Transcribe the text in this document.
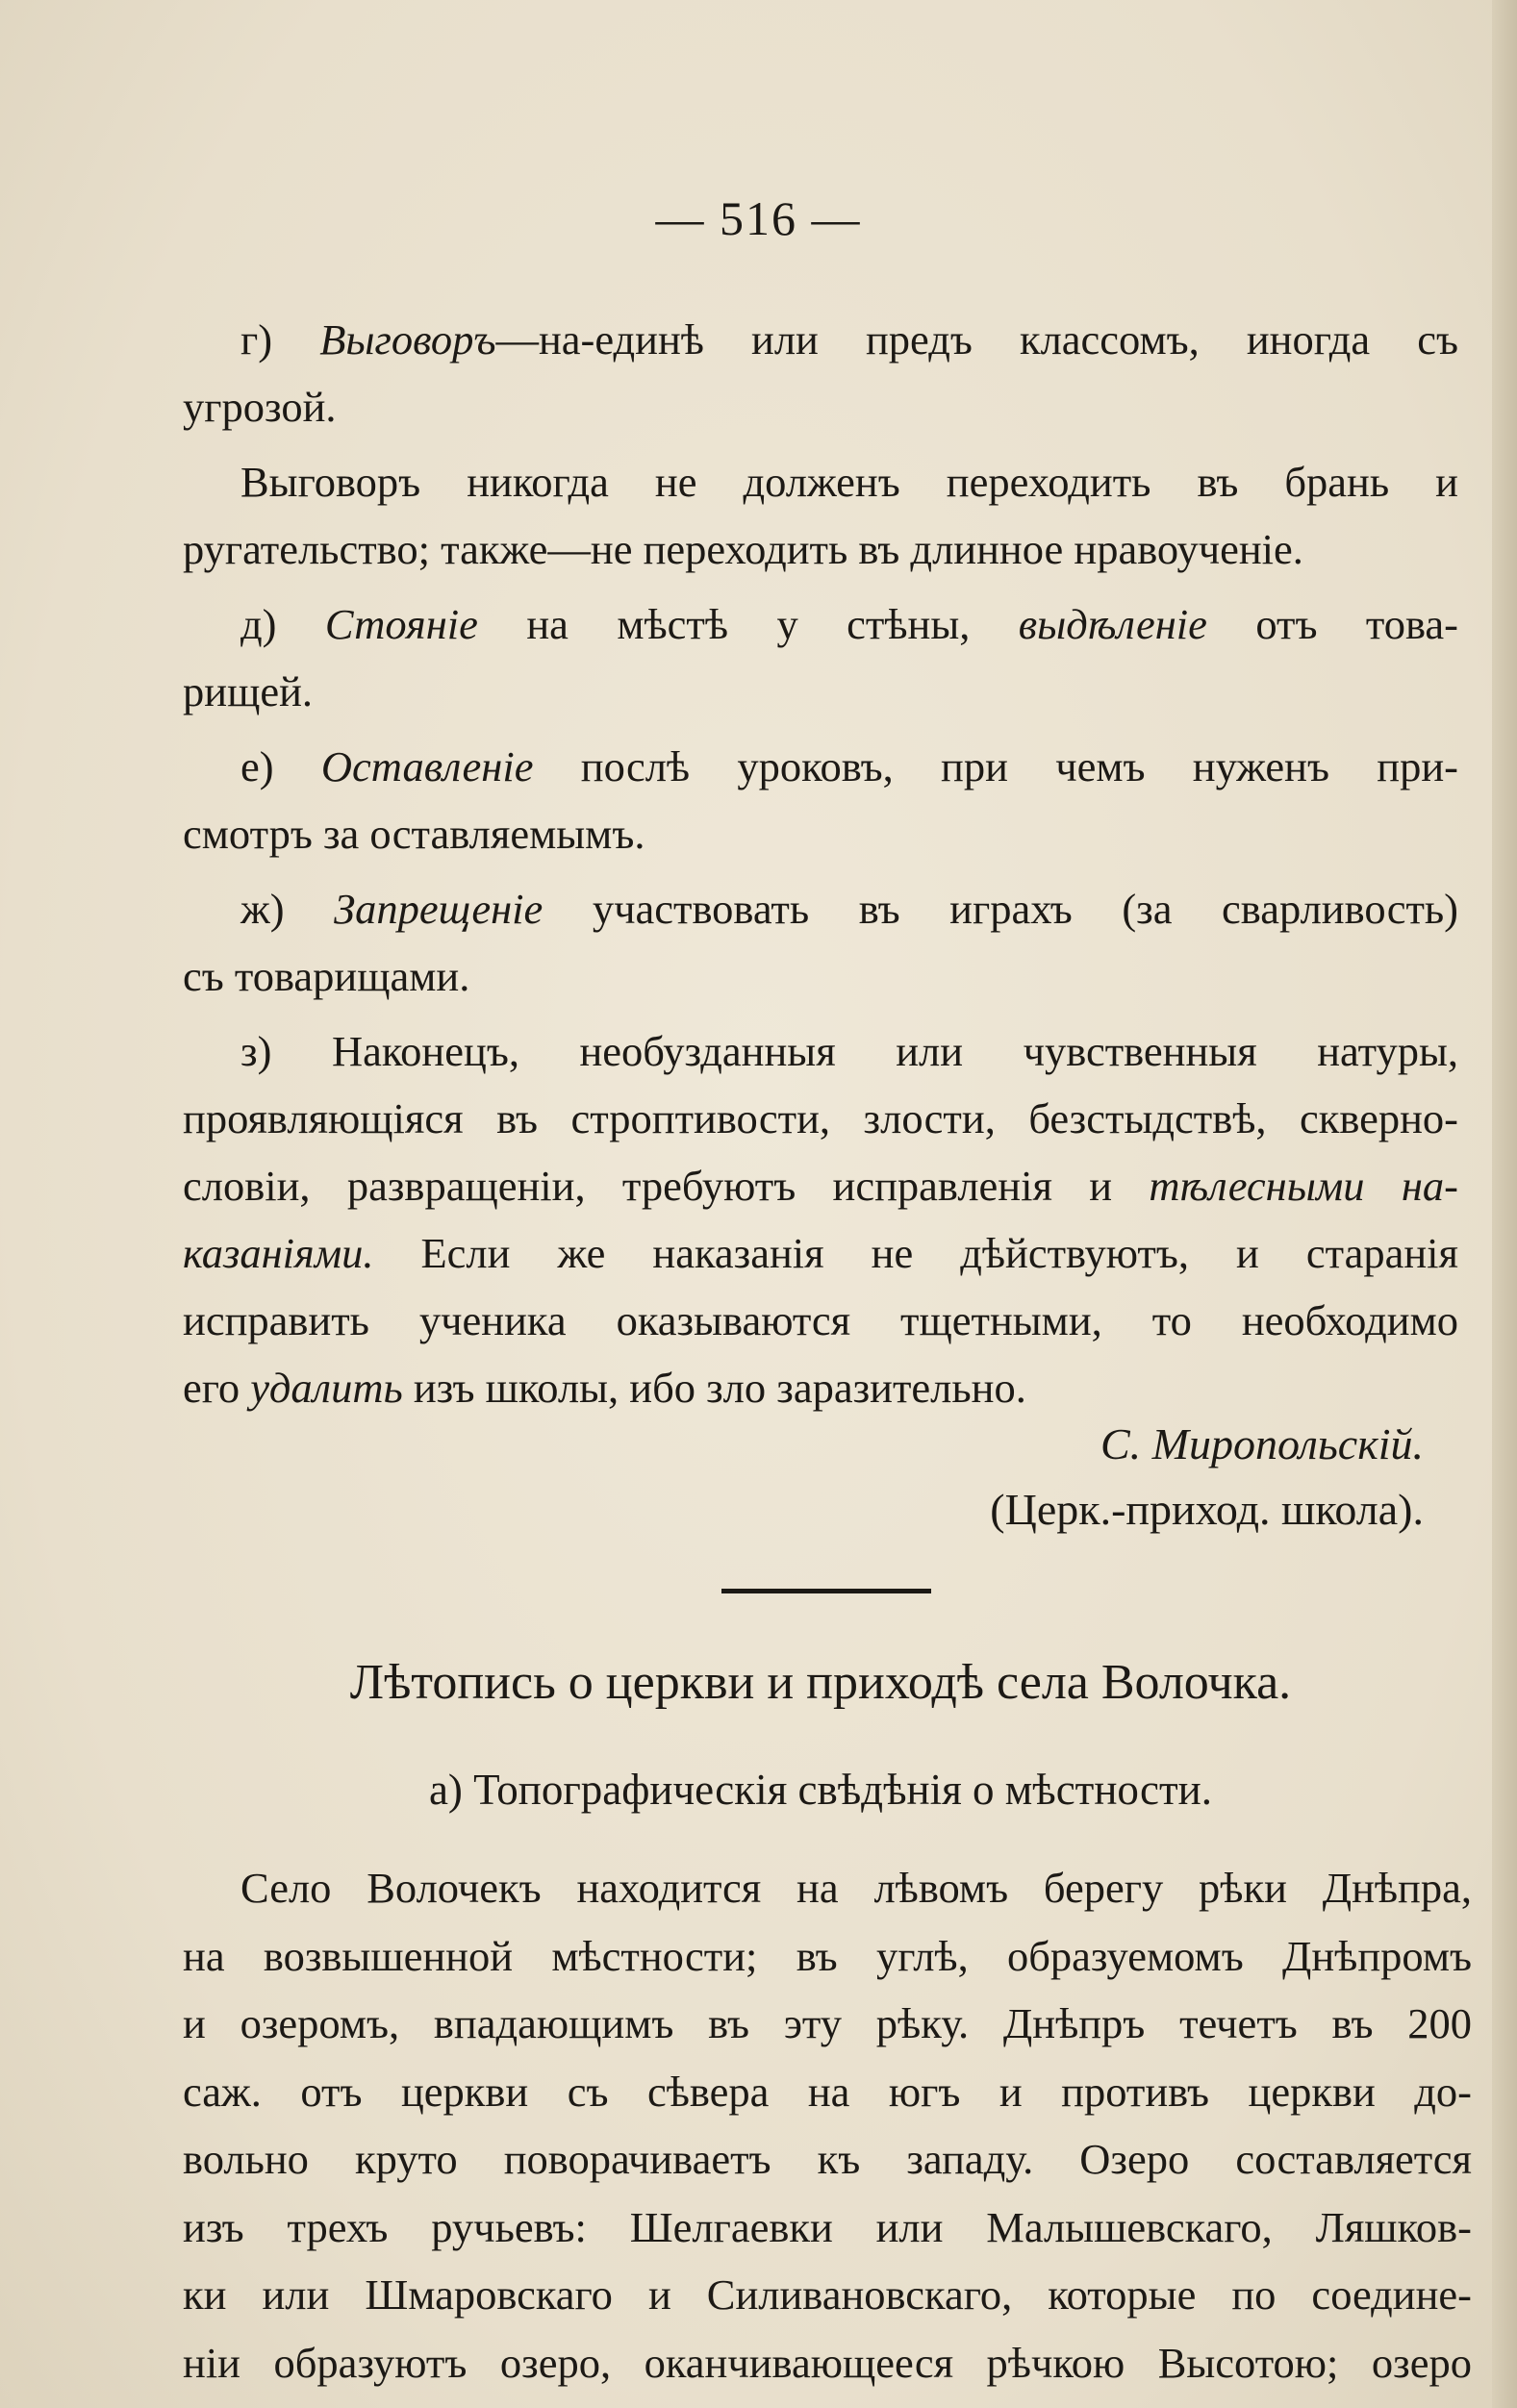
— 516 —
г) Выговоръ—на-единѣ или предъ классомъ, иногда съ
угрозой.
Выговоръ никогда не долженъ переходить въ брань и
ругательство; также—не переходить въ длинное нравоученіе.
д) Стояніе на мѣстѣ у стѣны, выдѣленіе отъ това-
рищей.
е) Оставленіе послѣ уроковъ, при чемъ нуженъ при-
смотръ за оставляемымъ.
ж) Запрещеніе участвовать въ играхъ (за сварливость)
съ товарищами.
з) Наконецъ, необузданныя или чувственныя натуры,
проявляющіяся въ строптивости, злости, безстыдствѣ, скверно-
словіи, развращеніи, требуютъ исправленія и тѣлесными на-
казаніями. Если же наказанія не дѣйствуютъ, и старанія
исправить ученика оказываются тщетными, то необходимо
его удалить изъ школы, ибо зло заразительно.
С. Миропольскій.
(Церк.-приход. школа).
Лѣтопись о церкви и приходѣ села Волочка.
а) Топографическія свѣдѣнія о мѣстности.
Село Волочекъ находится на лѣвомъ берегу рѣки Днѣпра,
на возвышенной мѣстности; въ углѣ, образуемомъ Днѣпромъ
и озеромъ, впадающимъ въ эту рѣку. Днѣпръ течетъ въ 200
саж. отъ церкви съ сѣвера на югъ и противъ церкви до-
вольно круто поворачиваетъ къ западу. Озеро составляется
изъ трехъ ручьевъ: Шелгаевки или Малышевскаго, Ляшков-
ки или Шмаровскаго и Силивановскаго, которые по соедине-
ніи образуютъ озеро, оканчивающееся рѣчкою Высотою; озеро
